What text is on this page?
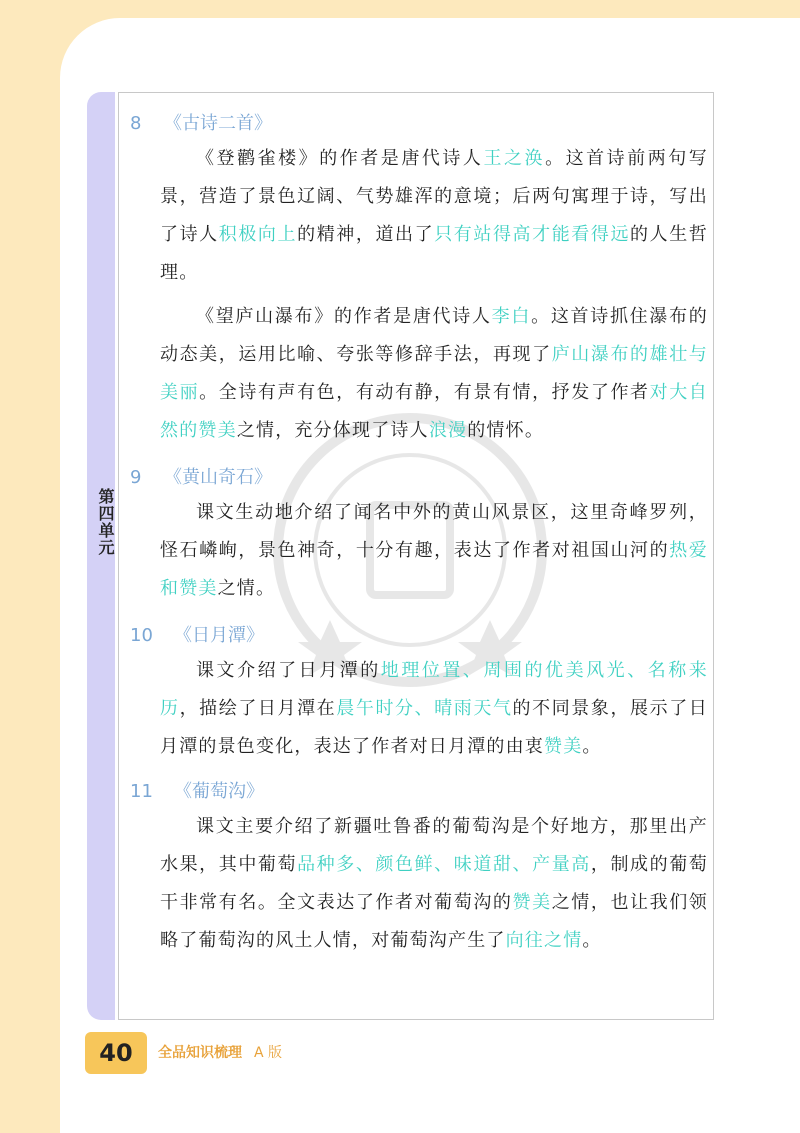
第四单元
8 《古诗二首》

《登鹳雀楼》的作者是唐代诗人王之涣。这首诗前两句写景，营造了景色辽阔、气势雄浑的意境；后两句寓理于诗，写出了诗人积极向上的精神，道出了只有站得高才能看得远的人生哲理。

《望庐山瀑布》的作者是唐代诗人李白。这首诗抓住瀑布的动态美，运用比喻、夸张等修辞手法，再现了庐山瀑布的雄壮与美丽。全诗有声有色，有动有静，有景有情，抒发了作者对大自然的赞美之情，充分体现了诗人浪漫的情怀。

9 《黄山奇石》

课文生动地介绍了闻名中外的黄山风景区，这里奇峰罗列，怪石嶙峋，景色神奇，十分有趣，表达了作者对祖国山河的热爱和赞美之情。

10 《日月潭》

课文介绍了日月潭的地理位置、周围的优美风光、名称来历，描绘了日月潭在晨午时分、晴雨天气的不同景象，展示了日月潭的景色变化，表达了作者对日月潭的由衷赞美。

11 《葡萄沟》

课文主要介绍了新疆吐鲁番的葡萄沟是个好地方，那里出产水果，其中葡萄品种多、颜色鲜、味道甜、产量高，制成的葡萄干非常有名。全文表达了作者对葡萄沟的赞美之情，也让我们领略了葡萄沟的风土人情，对葡萄沟产生了向往之情。

40	全品知识梳理 A 版
